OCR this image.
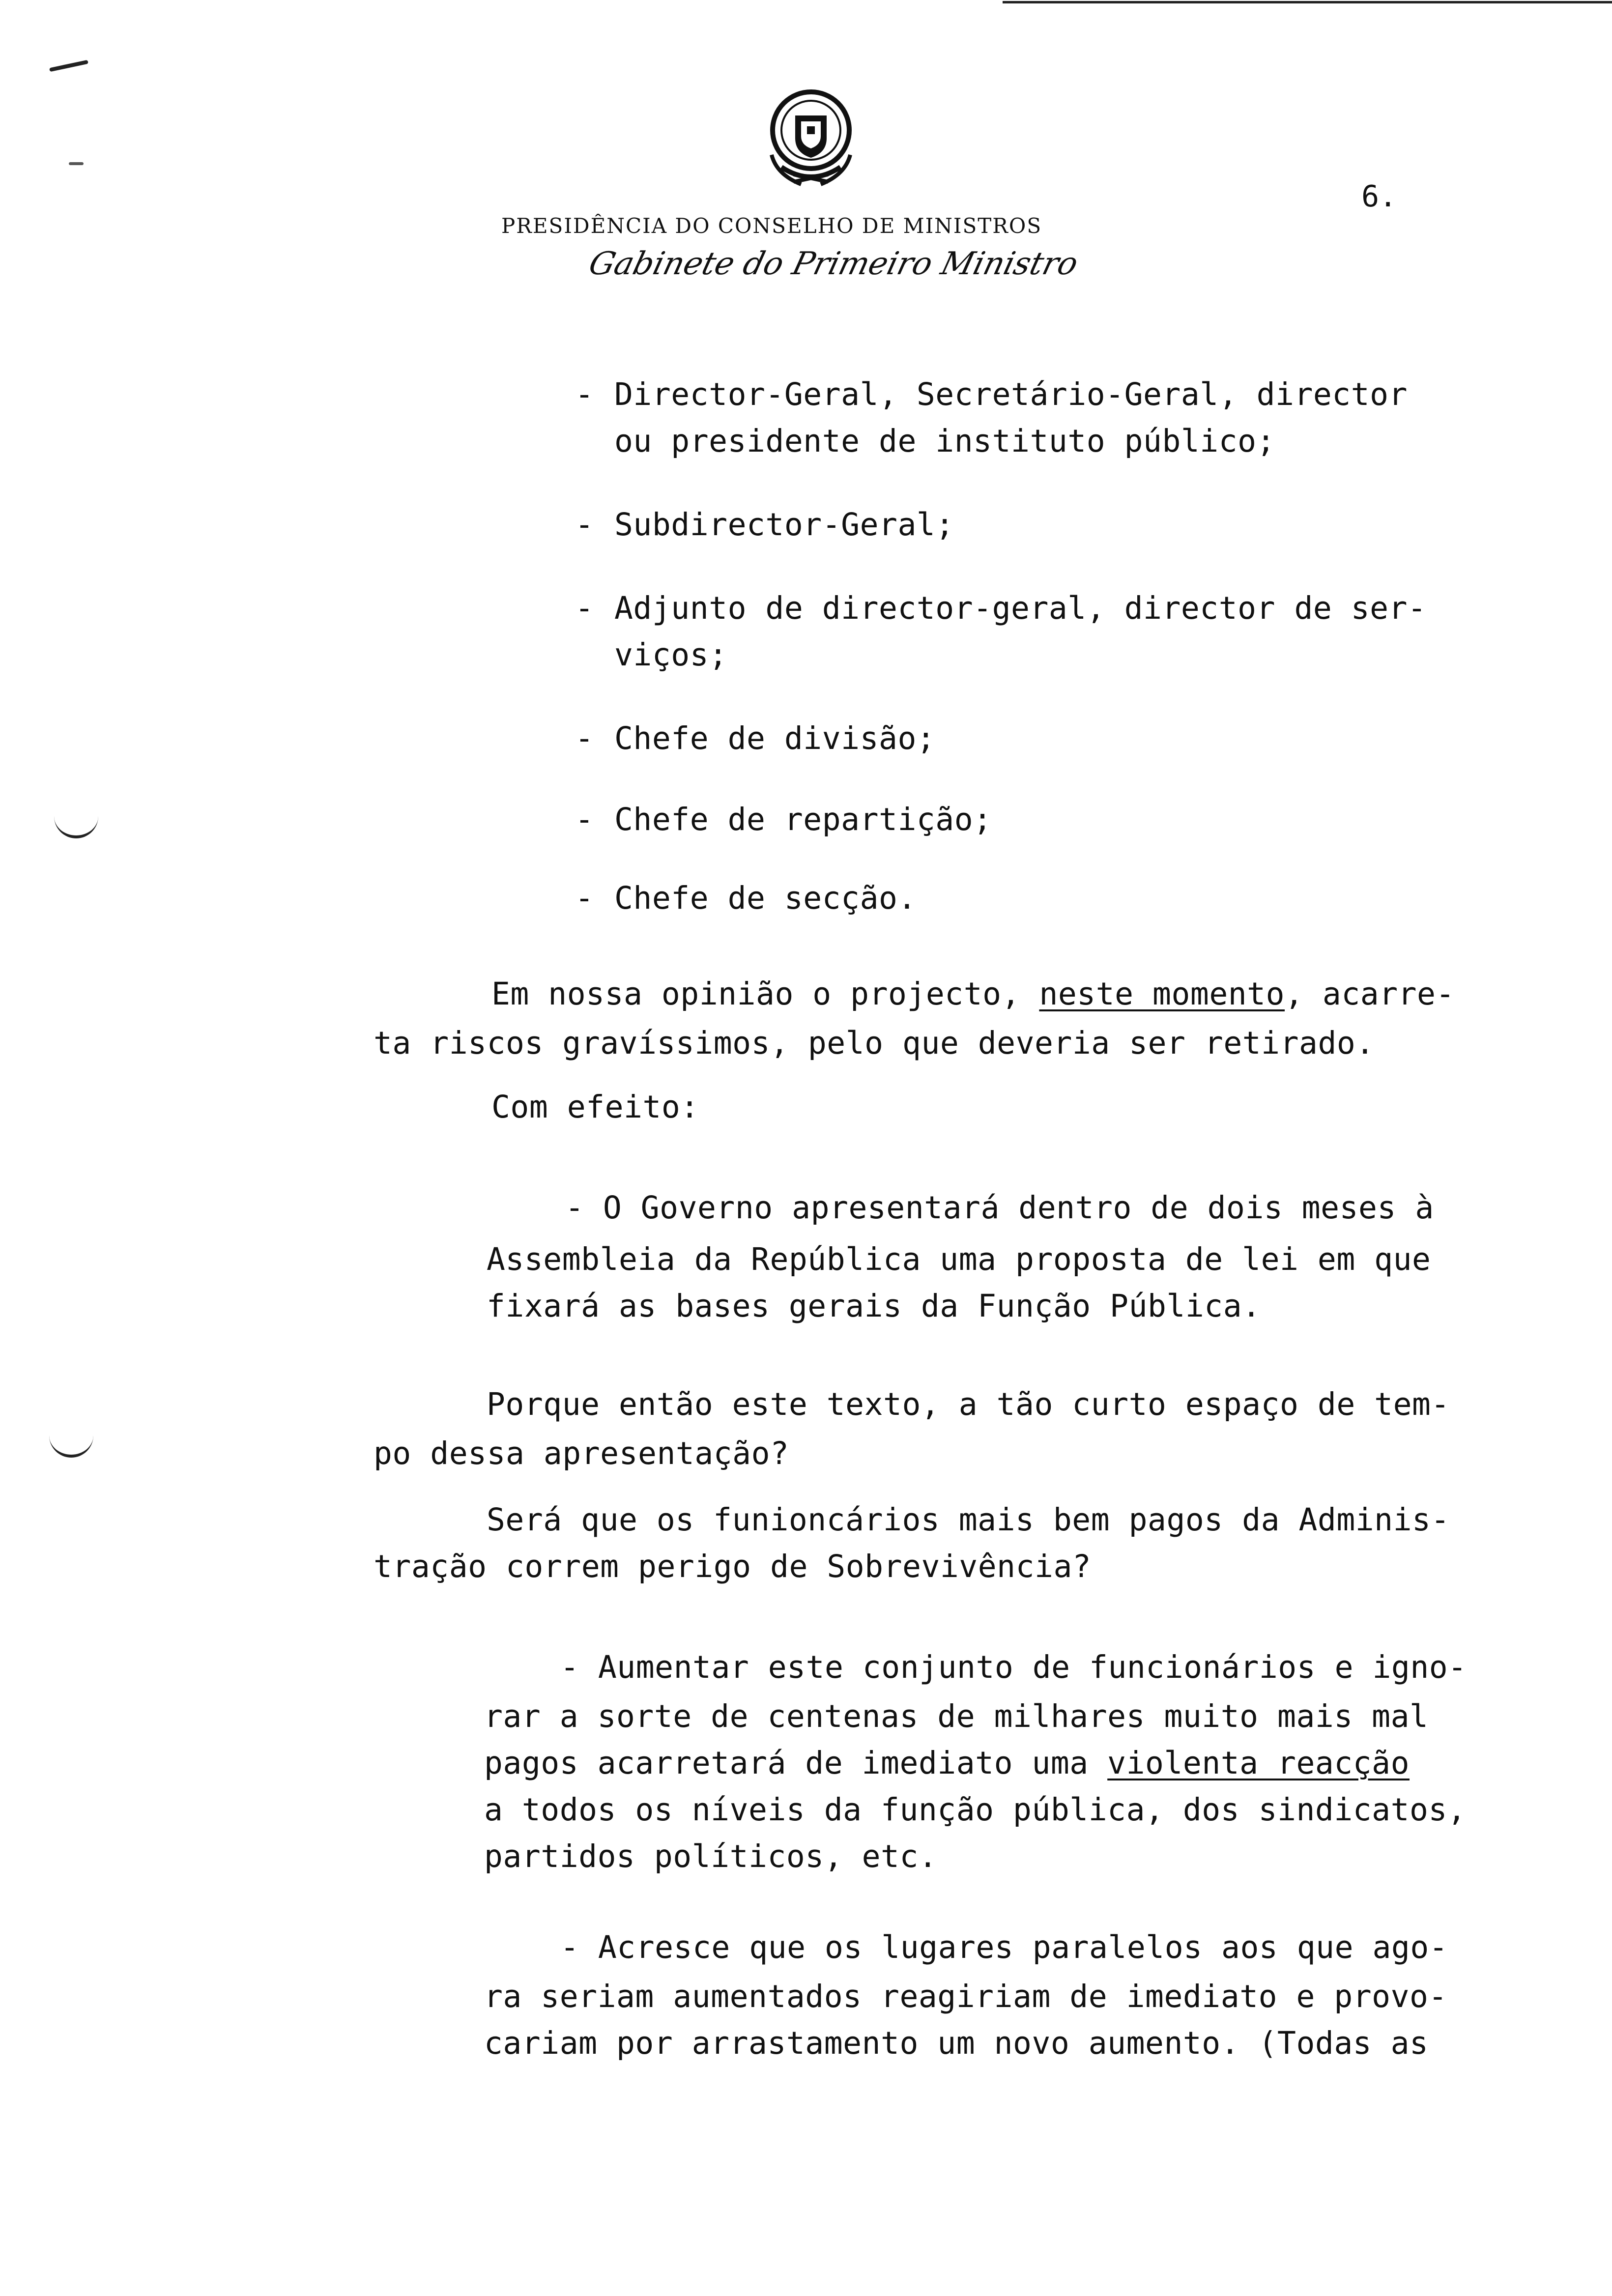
6.
PRESIDÊNCIA DO CONSELHO DE MINISTROS
Gabinete do Primeiro Ministro
- Director-Geral, Secretário-Geral, director
ou presidente de instituto público;
- Subdirector-Geral;
- Adjunto de director-geral, director de ser-
viços;
- Chefe de divisão;
- Chefe de repartição;
- Chefe de secção.
Em nossa opinião o projecto, neste momento, acarre-
ta riscos gravíssimos, pelo que deveria ser retirado.
Com efeito:
- O Governo apresentará dentro de dois meses à
Assembleia da República uma proposta de lei em que
fixará as bases gerais da Função Pública.
Porque então este texto, a tão curto espaço de tem-
po dessa apresentação?
Será que os funioncários mais bem pagos da Adminis-
tração correm perigo de Sobrevivência?
- Aumentar este conjunto de funcionários e igno-
rar a sorte de centenas de milhares muito mais mal
pagos acarretará de imediato uma violenta reacção
a todos os níveis da função pública, dos sindicatos,
partidos políticos, etc.
- Acresce que os lugares paralelos aos que ago-
ra seriam aumentados reagiriam de imediato e provo-
cariam por arrastamento um novo aumento. (Todas as
